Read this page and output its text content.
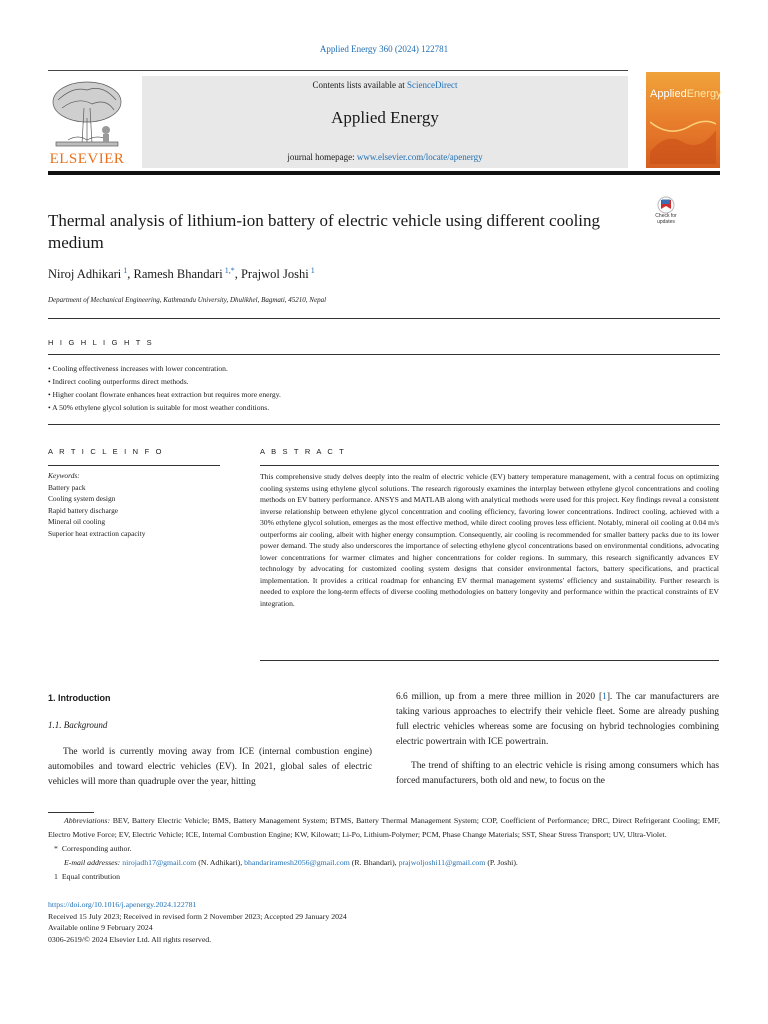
Applied Energy 360 (2024) 122781
ELSEVIER
Contents lists available at ScienceDirect
Applied Energy
journal homepage: www.elsevier.com/locate/apenergy
AppliedEnergy
Thermal analysis of lithium-ion battery of electric vehicle using different cooling medium
Check for
updates
Niroj Adhikari $^1$, Ramesh Bhandari $^{1,*}$, Prajwol Joshi $^1$
Department of Mechanical Engineering, Kathmandu University, Dhulikhel, Bagmati, 45210, Nepal
H I G H L I G H T S
• Cooling effectiveness increases with lower concentration.
• Indirect cooling outperforms direct methods.
• Higher coolant flowrate enhances heat extraction but requires more energy.
• A 50% ethylene glycol solution is suitable for most weather conditions.
A R T I C L E I N F O
Keywords:
Battery pack
Cooling system design
Rapid battery discharge
Mineral oil cooling
Superior heat extraction capacity
A B S T R A C T
This comprehensive study delves deeply into the realm of electric vehicle (EV) battery temperature management, with a central focus on optimizing cooling systems using ethylene glycol solutions. The research rigorously examines the interplay between ethylene glycol concentrations and cooling methods on EV battery performance. ANSYS and MATLAB along with analytical methods were used for this project. Key findings reveal a consistent inverse relationship between ethylene glycol concentration and cooling efficiency, favoring lower concentrations. Indirect cooling, achieved with a 30% ethylene glycol solution, emerges as the most effective method, while direct cooling proves less efficient. Notably, mineral oil cooling at 0.04 m/s outperforms air cooling, albeit with higher energy consumption. Consequently, air cooling is recommended for smaller battery packs due to its lower power demand. The study also underscores the importance of selecting ethylene glycol concentrations based on environmental conditions, advocating lower concentrations for warmer climates and higher concentrations for colder regions. In summary, this research significantly advances EV technology by advocating for customized cooling system designs that consider environmental factors, battery specifications, and practical implementation. It provides a critical roadmap for enhancing EV thermal management systems' efficiency and sustainability. Further research is needed to explore the long-term effects of diverse cooling methodologies on battery longevity and performance within the practical constraints of EV integration.
1. Introduction
1.1. Background
The world is currently moving away from ICE (internal combustion engine) automobiles and toward electric vehicles (EV). In 2021, global sales of electric vehicles will more than quadruple over the year, hitting
6.6 million, up from a mere three million in 2020 [1]. The car manufacturers are taking various approaches to electrify their vehicle fleet. Some are already pushing full electric vehicles whereas some are focusing on hybrid technologies combining electric powertrain with ICE powertrain.
The trend of shifting to an electric vehicle is rising among consumers which has forced manufacturers, both old and new, to focus on the
Abbreviations: BEV, Battery Electric Vehicle; BMS, Battery Management System; BTMS, Battery Thermal Management System; COP, Coefficient of Performance; DRC, Direct Refrigerant Cooling; EMF, Electro Motive Force; EV, Electric Vehicle; ICE, Internal Combustion Engine; KW, Kilowatt; Li-Po, Lithium-Polymer; PCM, Phase Change Materials; SST, Shear Stress Transport; UV, Ultra-Violet.
* Corresponding author.
E-mail addresses: nirojadh17@gmail.com (N. Adhikari), bhandariramesh2056@gmail.com (R. Bhandari), prajwoljoshi11@gmail.com (P. Joshi).
1 Equal contribution
https://doi.org/10.1016/j.apenergy.2024.122781
Received 15 July 2023; Received in revised form 2 November 2023; Accepted 29 January 2024
Available online 9 February 2024
0306-2619/© 2024 Elsevier Ltd. All rights reserved.
